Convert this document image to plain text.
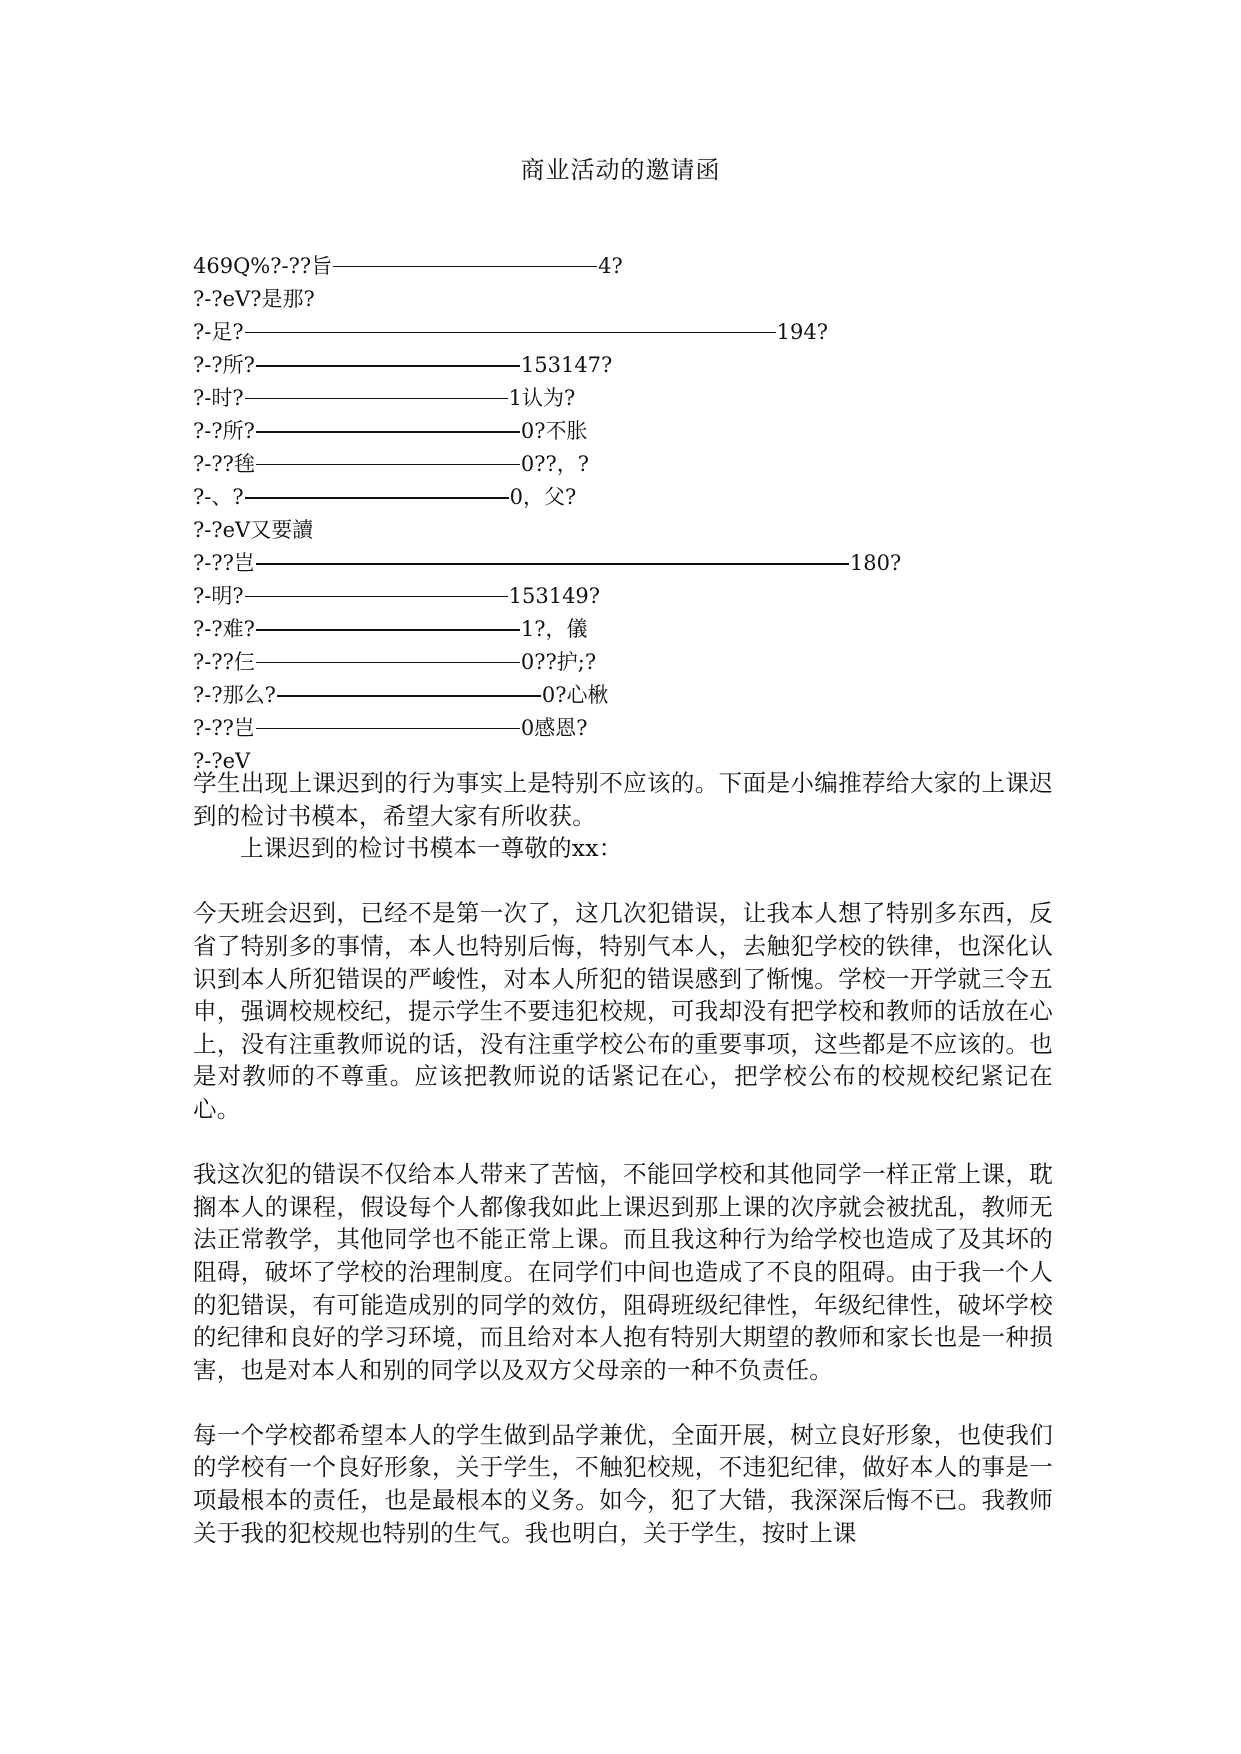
商业活动的邀请函
469Q%?-??旨	4?
?-?eV?是那?
?-足?	194?
?-?所?	153147?
?-时?	1认为?
?-?所?	0?不胀
?-??毪	0??，?
?-、?	0，父?
?-?eV又要讀
?-??岂	180?
?-明?	153149?
?-?难?	1?，儀
?-??仨	0??护;?
?-?那么?	0?心楸
?-??岂	0感恩?
?-?eV

学生出现上课迟到的行为事实上是特别不应该的。下面是小编推荐给大家的上课迟到的检讨书模本，希望大家有所收获。

上课迟到的检讨书模本一尊敬的xx：

今天班会迟到，已经不是第一次了，这几次犯错误，让我本人想了特别多东西，反省了特别多的事情，本人也特别后悔，特别气本人，去触犯学校的铁律，也深化认识到本人所犯错误的严峻性，对本人所犯的错误感到了惭愧。学校一开学就三令五申，强调校规校纪，提示学生不要违犯校规，可我却没有把学校和教师的话放在心上，没有注重教师说的话，没有注重学校公布的重要事项，这些都是不应该的。也是对教师的不尊重。应该把教师说的话紧记在心，把学校公布的校规校纪紧记在心。

我这次犯的错误不仅给本人带来了苦恼，不能回学校和其他同学一样正常上课，耽搁本人的课程，假设每个人都像我如此上课迟到那上课的次序就会被扰乱，教师无法正常教学，其他同学也不能正常上课。而且我这种行为给学校也造成了及其坏的阻碍，破坏了学校的治理制度。在同学们中间也造成了不良的阻碍。由于我一个人的犯错误，有可能造成别的同学的效仿，阻碍班级纪律性，年级纪律性，破坏学校的纪律和良好的学习环境，而且给对本人抱有特别大期望的教师和家长也是一种损害，也是对本人和别的同学以及双方父母亲的一种不负责任。

每一个学校都希望本人的学生做到品学兼优，全面开展，树立良好形象，也使我们的学校有一个良好形象，关于学生，不触犯校规，不违犯纪律，做好本人的事是一项最根本的责任，也是最根本的义务。如今，犯了大错，我深深后悔不已。我教师关于我的犯校规也特别的生气。我也明白，关于学生，按时上课
